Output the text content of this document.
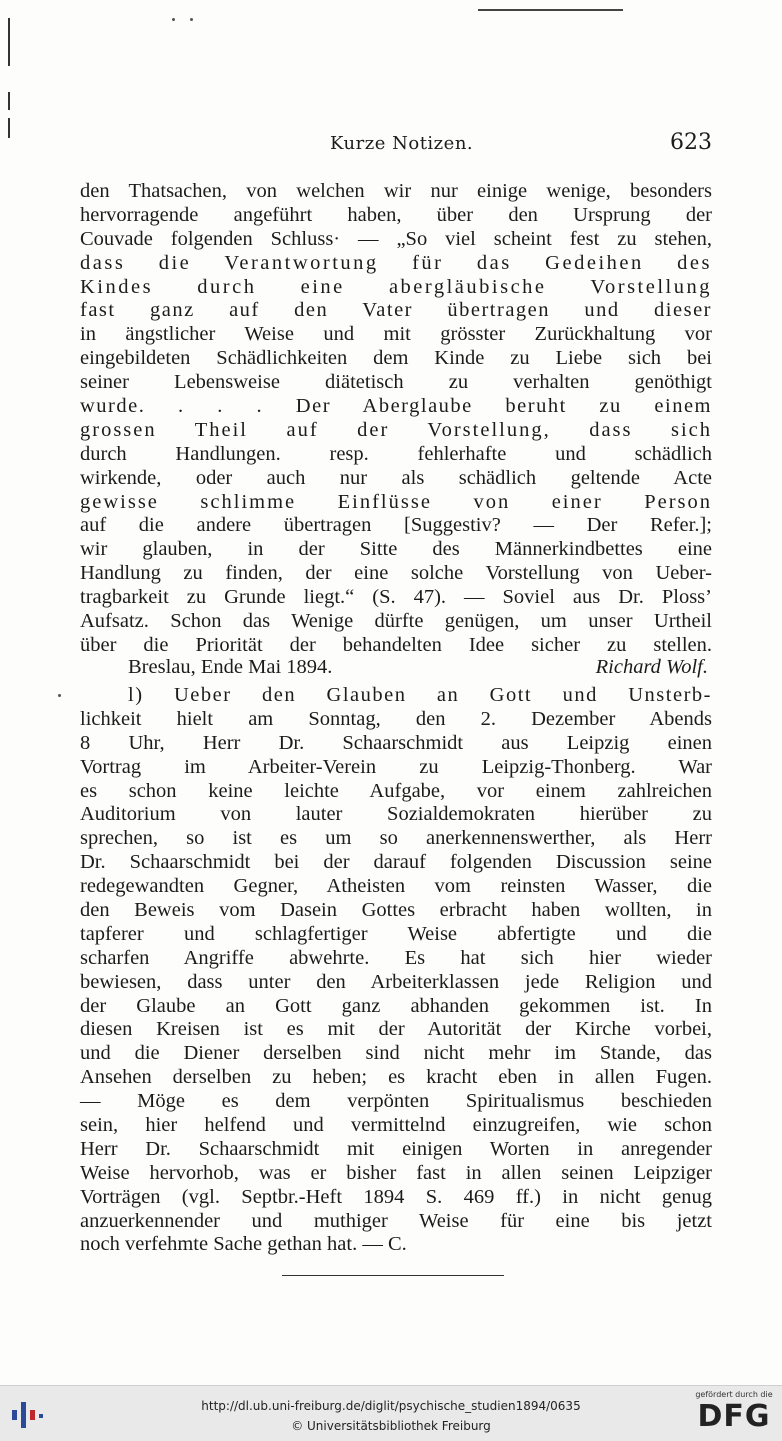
Kurze Notizen.	623
den Thatsachen, von welchen wir nur einige wenige, besonders
hervorragende angeführt haben, über den Ursprung der
Couvade folgenden Schluss· — „So viel scheint fest zu stehen,
dass die Verantwortung für das Gedeihen des
Kindes durch eine abergläubische Vorstellung
fast ganz auf den Vater übertragen und dieser
in ängstlicher Weise und mit grösster Zurückhaltung vor
eingebildeten Schädlichkeiten dem Kinde zu Liebe sich bei
seiner Lebensweise diätetisch zu verhalten genöthigt
wurde. . . . Der Aberglaube beruht zu einem
grossen Theil auf der Vorstellung, dass sich
durch Handlungen. resp. fehlerhafte und schädlich
wirkende, oder auch nur als schädlich geltende Acte
gewisse schlimme Einflüsse von einer Person
auf die andere übertragen [Suggestiv? — Der Refer.];
wir glauben, in der Sitte des Männerkindbettes eine
Handlung zu finden, der eine solche Vorstellung von Ueber-
tragbarkeit zu Grunde liegt.“ (S. 47). — Soviel aus Dr. Ploss’
Aufsatz. Schon das Wenige dürfte genügen, um unser Urtheil
über die Priorität der behandelten Idee sicher zu stellen.
Breslau, Ende Mai 1894.	Richard Wolf.
l) Ueber den Glauben an Gott und Unsterb-
lichkeit hielt am Sonntag, den 2. Dezember Abends
8 Uhr, Herr Dr. Schaarschmidt aus Leipzig einen
Vortrag im Arbeiter-Verein zu Leipzig-Thonberg. War
es schon keine leichte Aufgabe, vor einem zahlreichen
Auditorium von lauter Sozialdemokraten hierüber zu
sprechen, so ist es um so anerkennenswerther, als Herr
Dr. Schaarschmidt bei der darauf folgenden Discussion seine
redegewandten Gegner, Atheisten vom reinsten Wasser, die
den Beweis vom Dasein Gottes erbracht haben wollten, in
tapferer und schlagfertiger Weise abfertigte und die
scharfen Angriffe abwehrte. Es hat sich hier wieder
bewiesen, dass unter den Arbeiterklassen jede Religion und
der Glaube an Gott ganz abhanden gekommen ist. In
diesen Kreisen ist es mit der Autorität der Kirche vorbei,
und die Diener derselben sind nicht mehr im Stande, das
Ansehen derselben zu heben; es kracht eben in allen Fugen.
— Möge es dem verpönten Spiritualismus beschieden
sein, hier helfend und vermittelnd einzugreifen, wie schon
Herr Dr. Schaarschmidt mit einigen Worten in anregender
Weise hervorhob, was er bisher fast in allen seinen Leipziger
Vorträgen (vgl. Septbr.-Heft 1894 S. 469 ff.) in nicht genug
anzuerkennender und muthiger Weise für eine bis jetzt
noch verfehmte Sache gethan hat. — C.
http://dl.ub.uni-freiburg.de/diglit/psychische_studien1894/0635
© Universitätsbibliothek Freiburg
gefördert durch die
DFG
